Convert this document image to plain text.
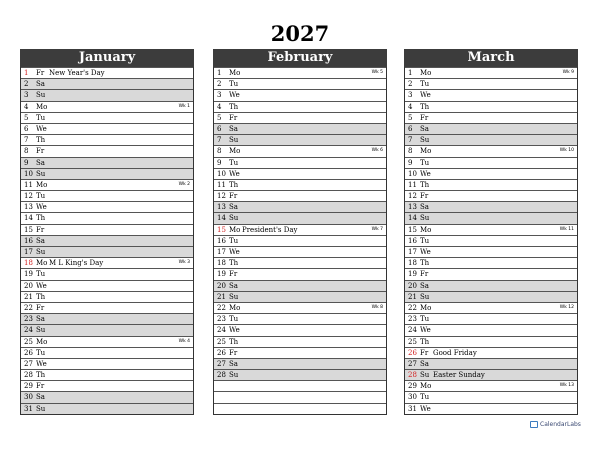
2027
January
1	Fr New Year's Day
2	Sa
3	Su
4	Mo	Wk 1
5	Tu
6	We
7	Th
8	Fr
9	Sa
10 Su
11 Mo	Wk 2
12 Tu
13 We
14 Th
15 Fr
16 Sa
17 Su
18 Mo M L King's Day	Wk 3
19 Tu
20 We
21 Th
22 Fr
23 Sa
24 Su
25 Mo	Wk 4
26 Tu
27 We
28 Th
29 Fr
30 Sa
31 Su
February
1	Mo	Wk 5
2	Tu
3	We
4	Th
5	Fr
6	Sa
7	Su
8	Mo	Wk 6
9	Tu
10 We
11 Th
12 Fr
13 Sa
14 Su
15 Mo President's Day	Wk 7
16 Tu
17 We
18 Th
19 Fr
20 Sa
21 Su
22 Mo	Wk 8
23 Tu
24 We
25 Th
26 Fr
27 Sa
28 Su
March
1	Mo	Wk 9
2	Tu
3	We
4	Th
5	Fr
6	Sa
7	Su
8	Mo	Wk 10
9	Tu
10 We
11 Th
12 Fr
13 Sa
14 Su
15 Mo	Wk 11
16 Tu
17 We
18 Th
19 Fr
20 Sa
21 Su
22 Mo	Wk 12
23 Tu
24 We
25 Th
26 Fr Good Friday
27 Sa
28 Su Easter Sunday
29 Mo	Wk 13
30 Tu
31 We
CalendarLabs
